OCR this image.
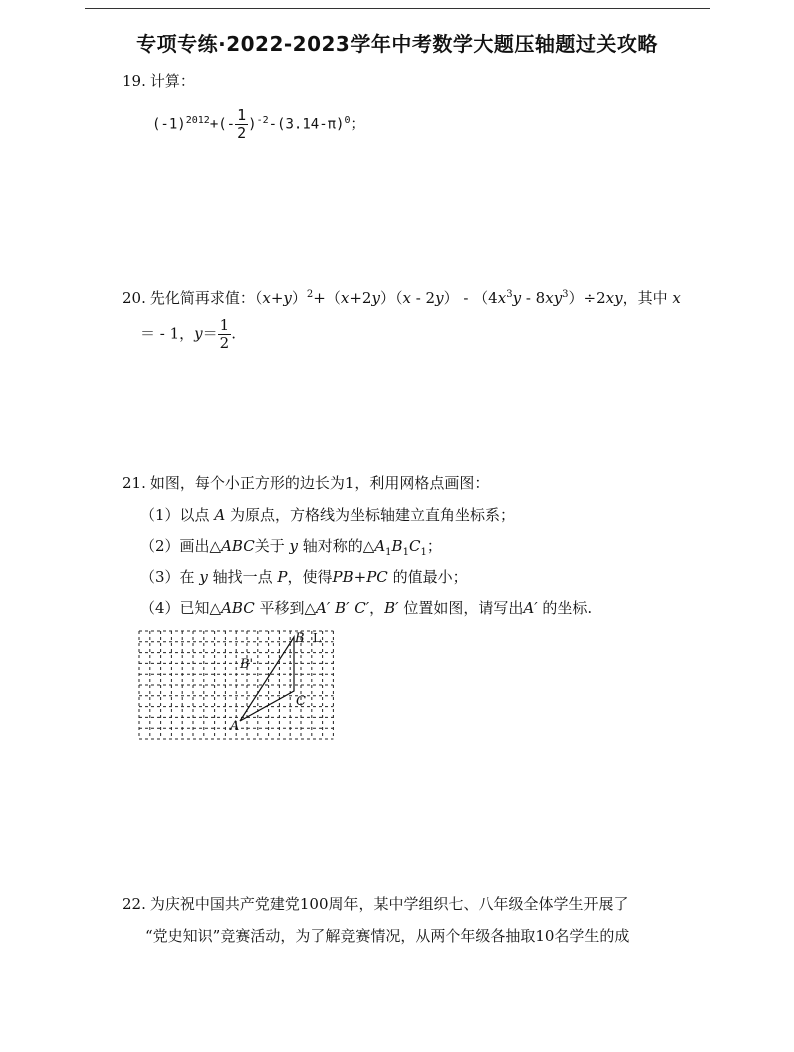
专项专练·2022-2023学年中考数学大题压轴题过关攻略
19. 计算：
$(-1)^{2012}+(- \frac{1}{2} )^{-2}-(3.14-\pi)^0$；
20. 先化简再求值：$(x+y)^2+(x+2y)(x - 2y) - (4x^3y - 8xy^3)\div 2xy$，其中 x
＝ - 1，$y= \frac{1}{2}$ .
21. 如图，每个小正方形的边长为1，利用网格点画图：
（1）以点 A 为原点，方格线为坐标轴建立直角坐标系；
（2）画出△ABC关于 y 轴对称的$\triangle A_1B_1C_1$；
（3）在 y 轴找一点 P，使得PB+PC 的值最小；
（4）已知△ABC 平移到△A′ B′ C′，B′ 位置如图，请写出A′ 的坐标.
B L
B'
C
A
22. 为庆祝中国共产党建党100周年，某中学组织七、八年级全体学生开展了
“党史知识”竞赛活动，为了解竞赛情况，从两个年级各抽取10名学生的成
